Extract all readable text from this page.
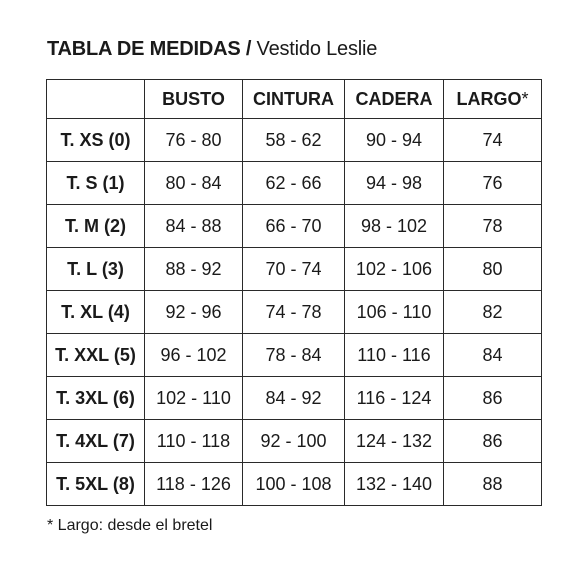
TABLA DE MEDIDAS / Vestido Leslie
	BUSTO	CINTURA	CADERA	LARGO*
T. XS (0)	76 - 80	58 - 62	90 - 94	74
T. S (1)	80 - 84	62 - 66	94 - 98	76
T. M (2)	84 - 88	66 - 70	98 - 102	78
T. L (3)	88 - 92	70 - 74	102 - 106	80
T. XL (4)	92 - 96	74 - 78	106 - 110	82
T. XXL (5)	96 - 102	78 - 84	110 - 116	84
T. 3XL (6)	102 - 110	84 - 92	116 - 124	86
T. 4XL (7)	110 - 118	92 - 100	124 - 132	86
T. 5XL (8)	118 - 126	100 - 108	132 - 140	88
* Largo: desde el bretel
